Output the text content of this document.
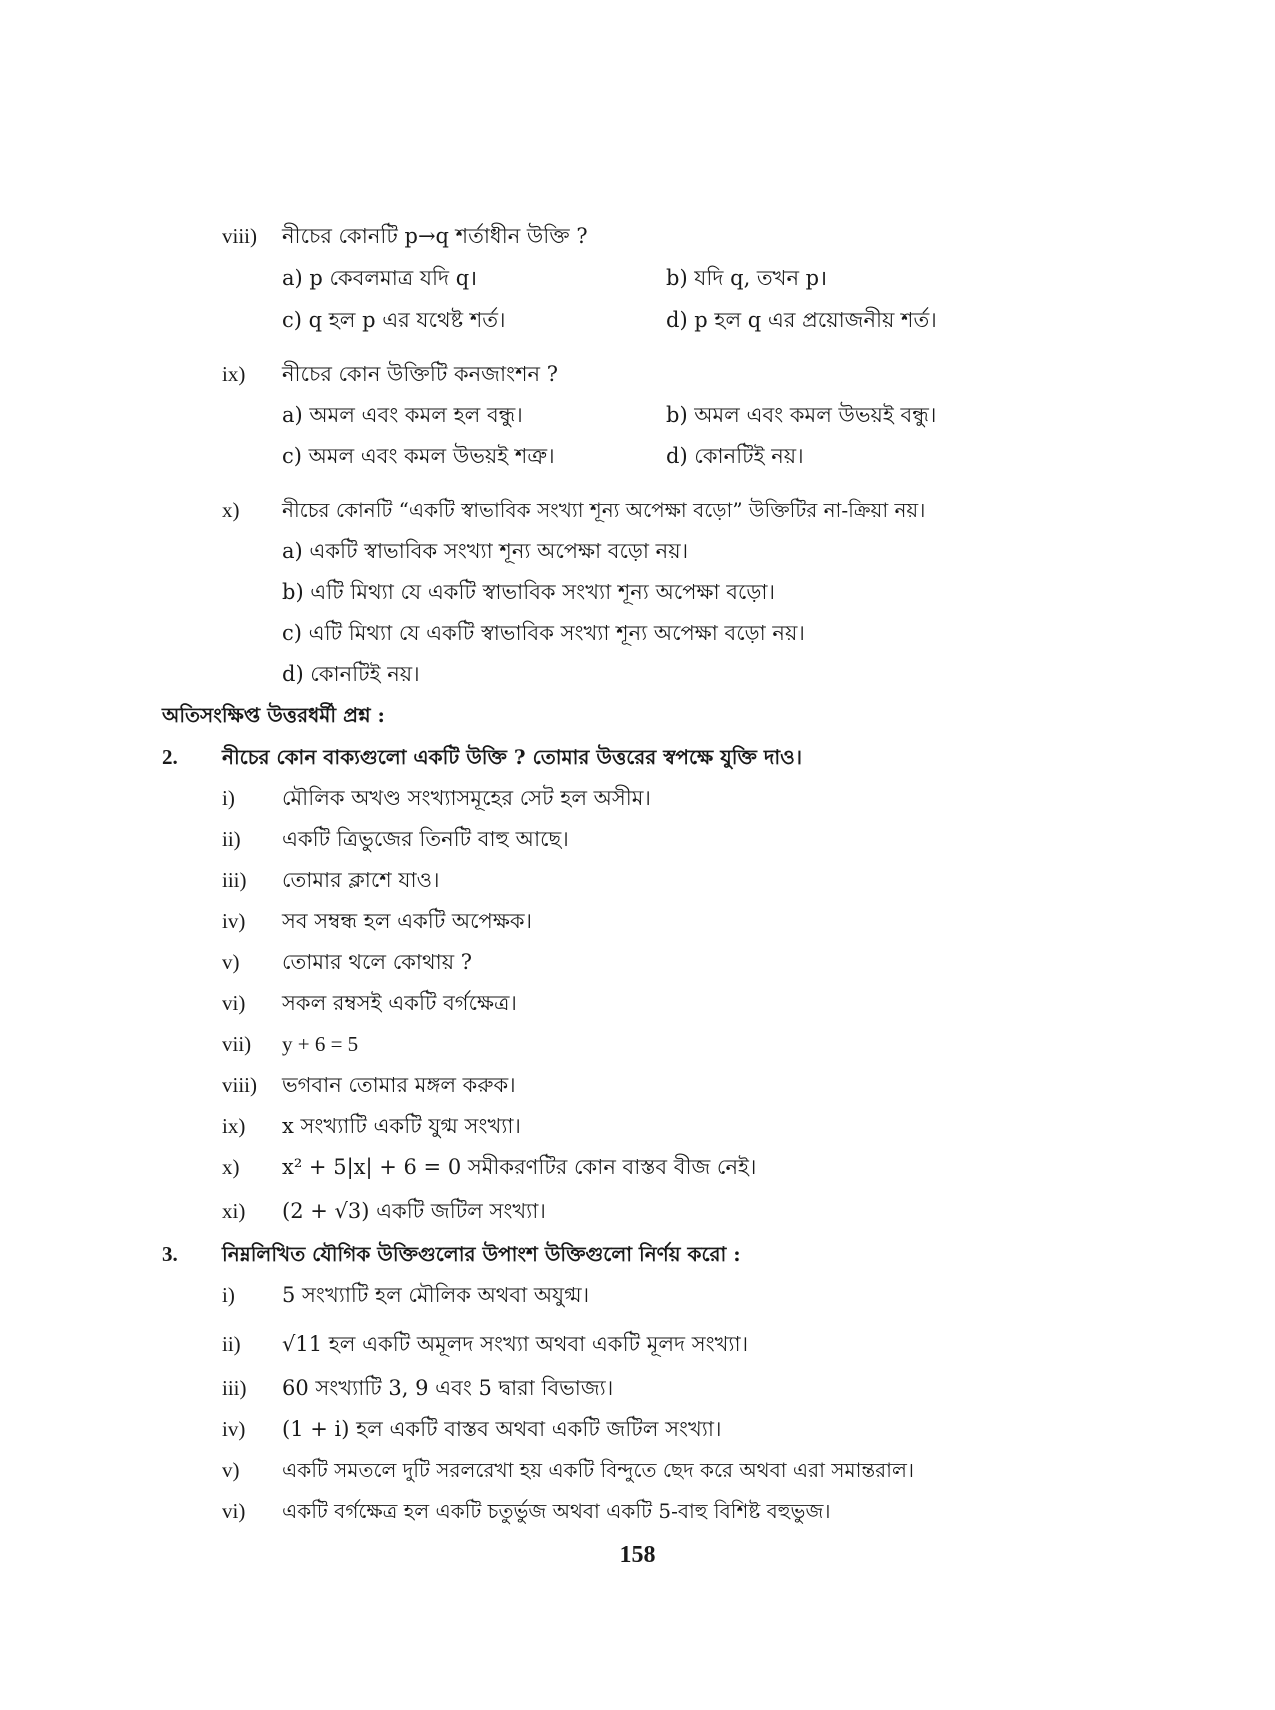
viii) নীচের কোনটি p→q শর্তাধীন উক্তি ?
a) p কেবলমাত্র যদি q।	b) যদি q, তখন p।
c) q হল p এর যথেষ্ট শর্ত।	d) p হল q এর প্রয়োজনীয় শর্ত।
ix) নীচের কোন উক্তিটি কনজাংশন ?
a) অমল এবং কমল হল বন্ধু।	b) অমল এবং কমল উভয়ই বন্ধু।
c) অমল এবং কমল উভয়ই শত্রু।	d) কোনটিই নয়।
x) নীচের কোনটি “একটি স্বাভাবিক সংখ্যা শূন্য অপেক্ষা বড়ো” উক্তিটির না-ক্রিয়া নয়।
a) একটি স্বাভাবিক সংখ্যা শূন্য অপেক্ষা বড়ো নয়।
b) এটি মিথ্যা যে একটি স্বাভাবিক সংখ্যা শূন্য অপেক্ষা বড়ো।
c) এটি মিথ্যা যে একটি স্বাভাবিক সংখ্যা শূন্য অপেক্ষা বড়ো নয়।
d) কোনটিই নয়।
অতিসংক্ষিপ্ত উত্তরধর্মী প্রশ্ন :
2. নীচের কোন বাক্যগুলো একটি উক্তি ? তোমার উত্তরের স্বপক্ষে যুক্তি দাও।
i) মৌলিক অখণ্ড সংখ্যাসমূহের সেট হল অসীম।
ii) একটি ত্রিভুজের তিনটি বাহু আছে।
iii) তোমার ক্লাশে যাও।
iv) সব সম্বন্ধ হল একটি অপেক্ষক।
v) তোমার থলে কোথায় ?
vi) সকল রম্বসই একটি বর্গক্ষেত্র।
vii) y + 6 = 5
viii) ভগবান তোমার মঙ্গল করুক।
ix) x সংখ্যাটি একটি যুগ্ম সংখ্যা।
x) x² + 5|x| + 6 = 0 সমীকরণটির কোন বাস্তব বীজ নেই।
xi) (2 + √3) একটি জটিল সংখ্যা।
3. নিম্নলিখিত যৌগিক উক্তিগুলোর উপাংশ উক্তিগুলো নির্ণয় করো :
i) 5 সংখ্যাটি হল মৌলিক অথবা অযুগ্ম।
ii) √11 হল একটি অমূলদ সংখ্যা অথবা একটি মূলদ সংখ্যা।
iii) 60 সংখ্যাটি 3, 9 এবং 5 দ্বারা বিভাজ্য।
iv) (1 + i) হল একটি বাস্তব অথবা একটি জটিল সংখ্যা।
v) একটি সমতলে দুটি সরলরেখা হয় একটি বিন্দুতে ছেদ করে অথবা এরা সমান্তরাল।
vi) একটি বর্গক্ষেত্র হল একটি চতুর্ভুজ অথবা একটি 5-বাহু বিশিষ্ট বহুভুজ।
158
